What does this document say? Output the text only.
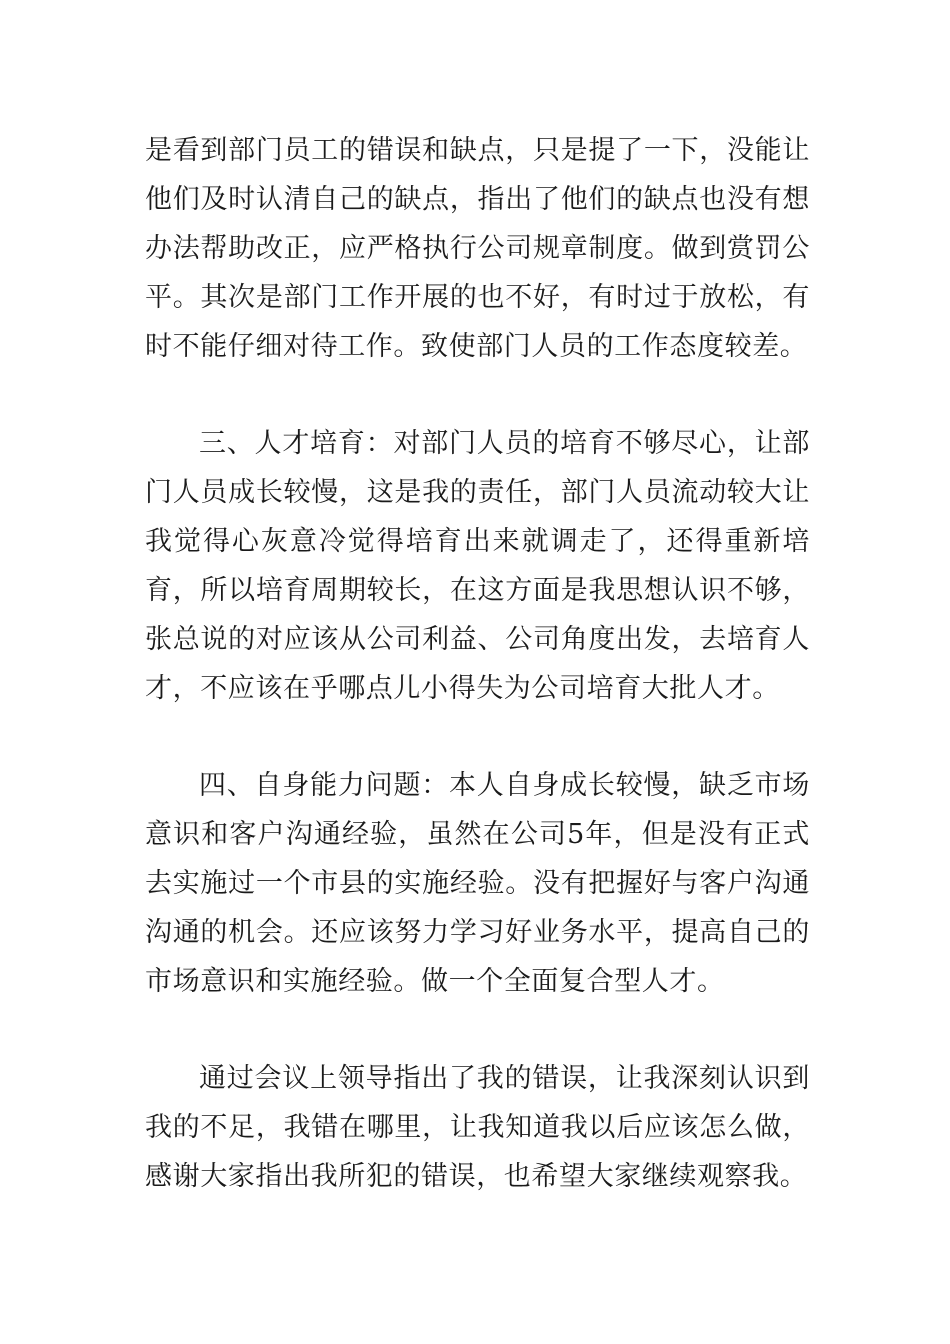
是看到部门员工的错误和缺点，只是提了一下，没能让他们及时认清自己的缺点，指出了他们的缺点也没有想办法帮助改正，应严格执行公司规章制度。做到赏罚公平。其次是部门工作开展的也不好，有时过于放松，有时不能仔细对待工作。致使部门人员的工作态度较差。

三、人才培育：对部门人员的培育不够尽心，让部门人员成长较慢，这是我的责任，部门人员流动较大让我觉得心灰意冷觉得培育出来就调走了，还得重新培育，所以培育周期较长，在这方面是我思想认识不够，张总说的对应该从公司利益、公司角度出发，去培育人才，不应该在乎哪点儿小得失为公司培育大批人才。

四、自身能力问题：本人自身成长较慢，缺乏市场意识和客户沟通经验，虽然在公司5年，但是没有正式去实施过一个市县的实施经验。没有把握好与客户沟通沟通的机会。还应该努力学习好业务水平，提高自己的市场意识和实施经验。做一个全面复合型人才。

通过会议上领导指出了我的错误，让我深刻认识到我的不足，我错在哪里，让我知道我以后应该怎么做，感谢大家指出我所犯的错误，也希望大家继续观察我。
